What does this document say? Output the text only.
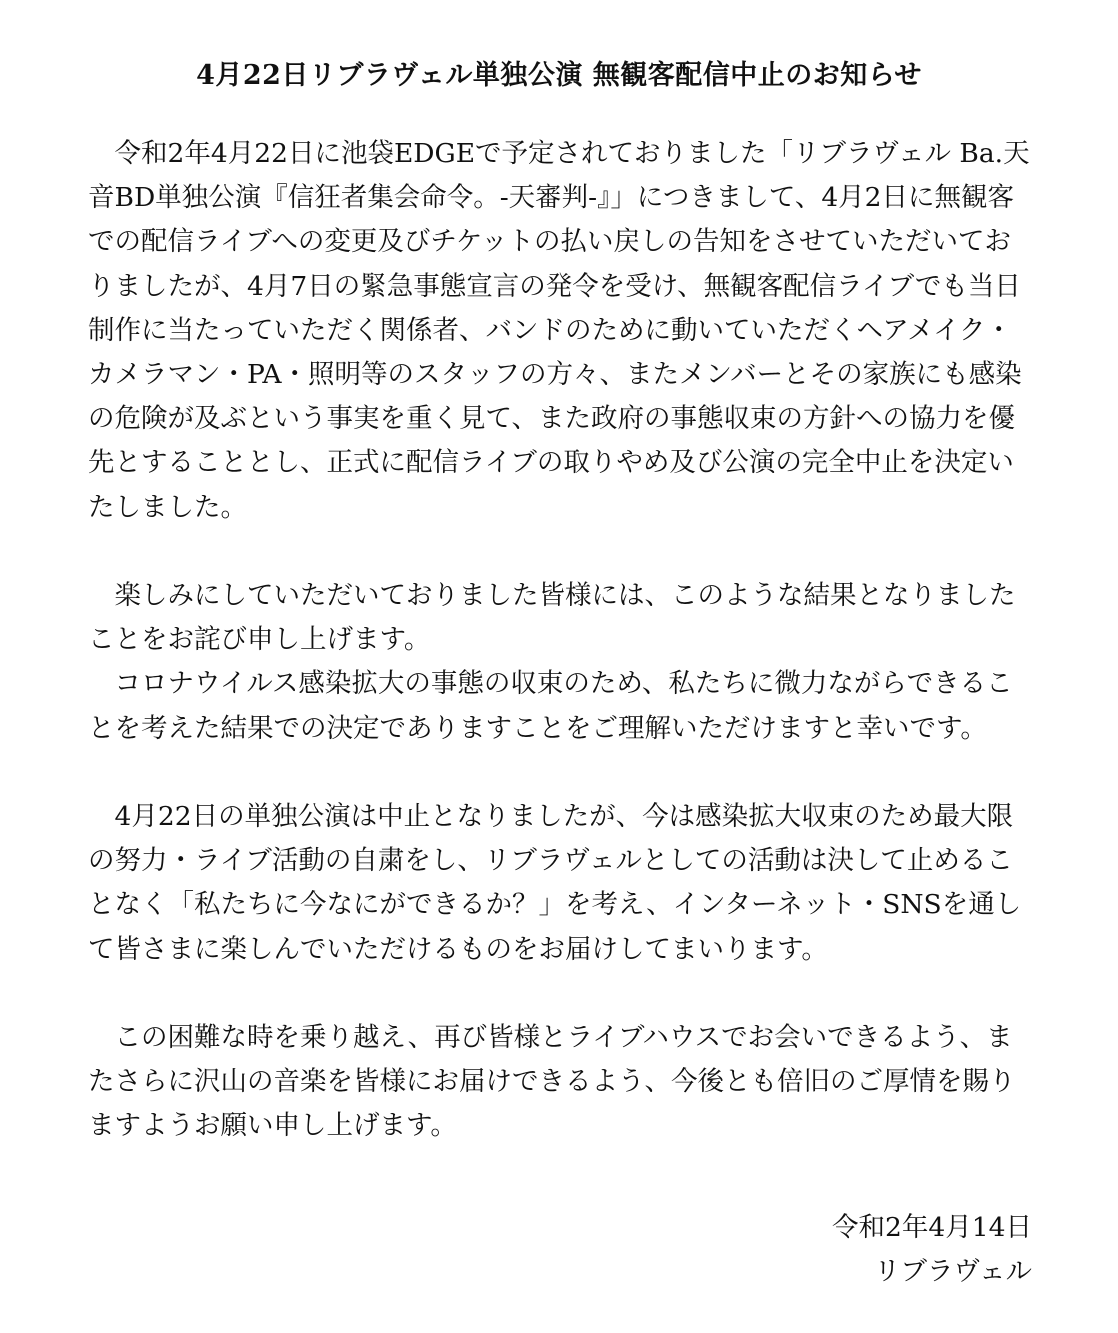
4月22日リブラヴェル単独公演 無観客配信中止のお知らせ

令和2年4月22日に池袋EDGEで予定されておりました「リブラヴェル Ba.天音BD単独公演『信狂者集会命令。-天審判-』」につきまして、4月2日に無観客での配信ライブへの変更及びチケットの払い戻しの告知をさせていただいておりましたが、4月7日の緊急事態宣言の発令を受け、無観客配信ライブでも当日制作に当たっていただく関係者、バンドのために動いていただくヘアメイク・カメラマン・PA・照明等のスタッフの方々、またメンバーとその家族にも感染の危険が及ぶという事実を重く見て、また政府の事態収束の方針への協力を優先とすることとし、正式に配信ライブの取りやめ及び公演の完全中止を決定いたしました。

楽しみにしていただいておりました皆様には、このような結果となりましたことをお詫び申し上げます。

コロナウイルス感染拡大の事態の収束のため、私たちに微力ながらできることを考えた結果での決定でありますことをご理解いただけますと幸いです。

4月22日の単独公演は中止となりましたが、今は感染拡大収束のため最大限の努力・ライブ活動の自粛をし、リブラヴェルとしての活動は決して止めることなく「私たちに今なにができるか？」を考え、インターネット・SNSを通して皆さまに楽しんでいただけるものをお届けしてまいります。

この困難な時を乗り越え、再び皆様とライブハウスでお会いできるよう、またさらに沢山の音楽を皆様にお届けできるよう、今後とも倍旧のご厚情を賜りますようお願い申し上げます。

令和2年4月14日
リブラヴェル
